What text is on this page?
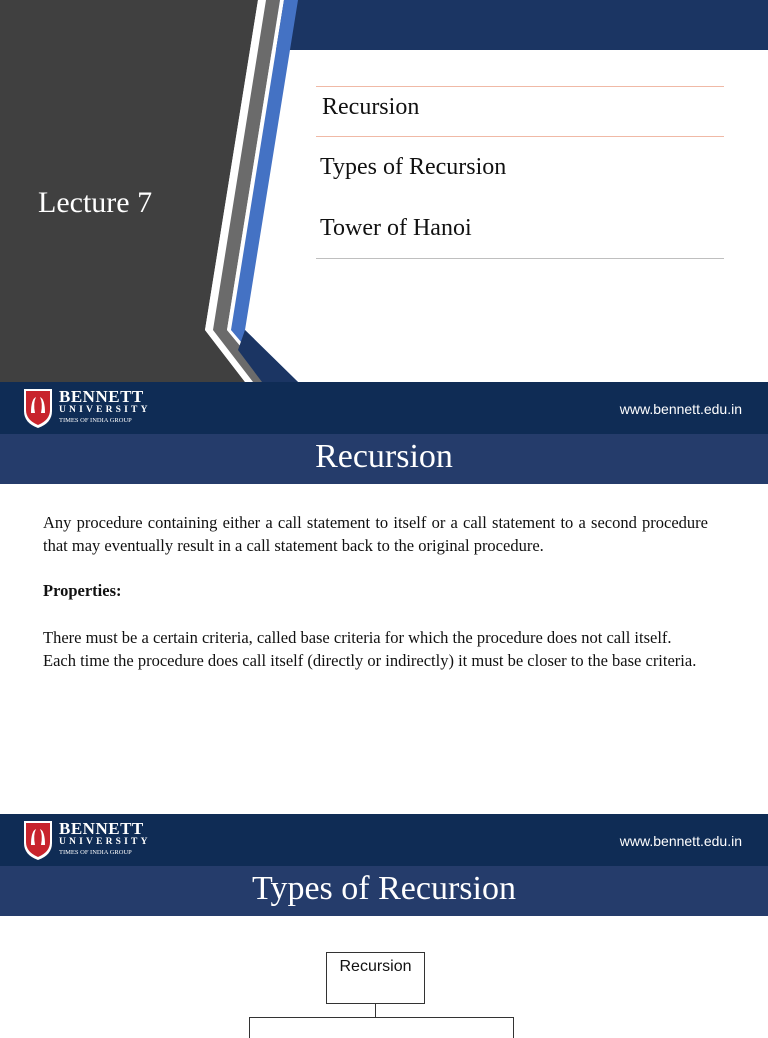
Lecture 7
Recursion
Types of Recursion
Tower of Hanoi
BENNETT
UNIVERSITY
TIMES OF INDIA GROUP
www.bennett.edu.in
Recursion

Any procedure containing either a call statement to itself or a call statement to a second procedure that may eventually result in a call statement back to the original procedure.

Properties:

There must be a certain criteria, called base criteria for which the procedure does not call itself.

Each time the procedure does call itself (directly or indirectly) it must be closer to the base criteria.

BENNETT
UNIVERSITY
TIMES OF INDIA GROUP
www.bennett.edu.in
Types of Recursion
Recursion
